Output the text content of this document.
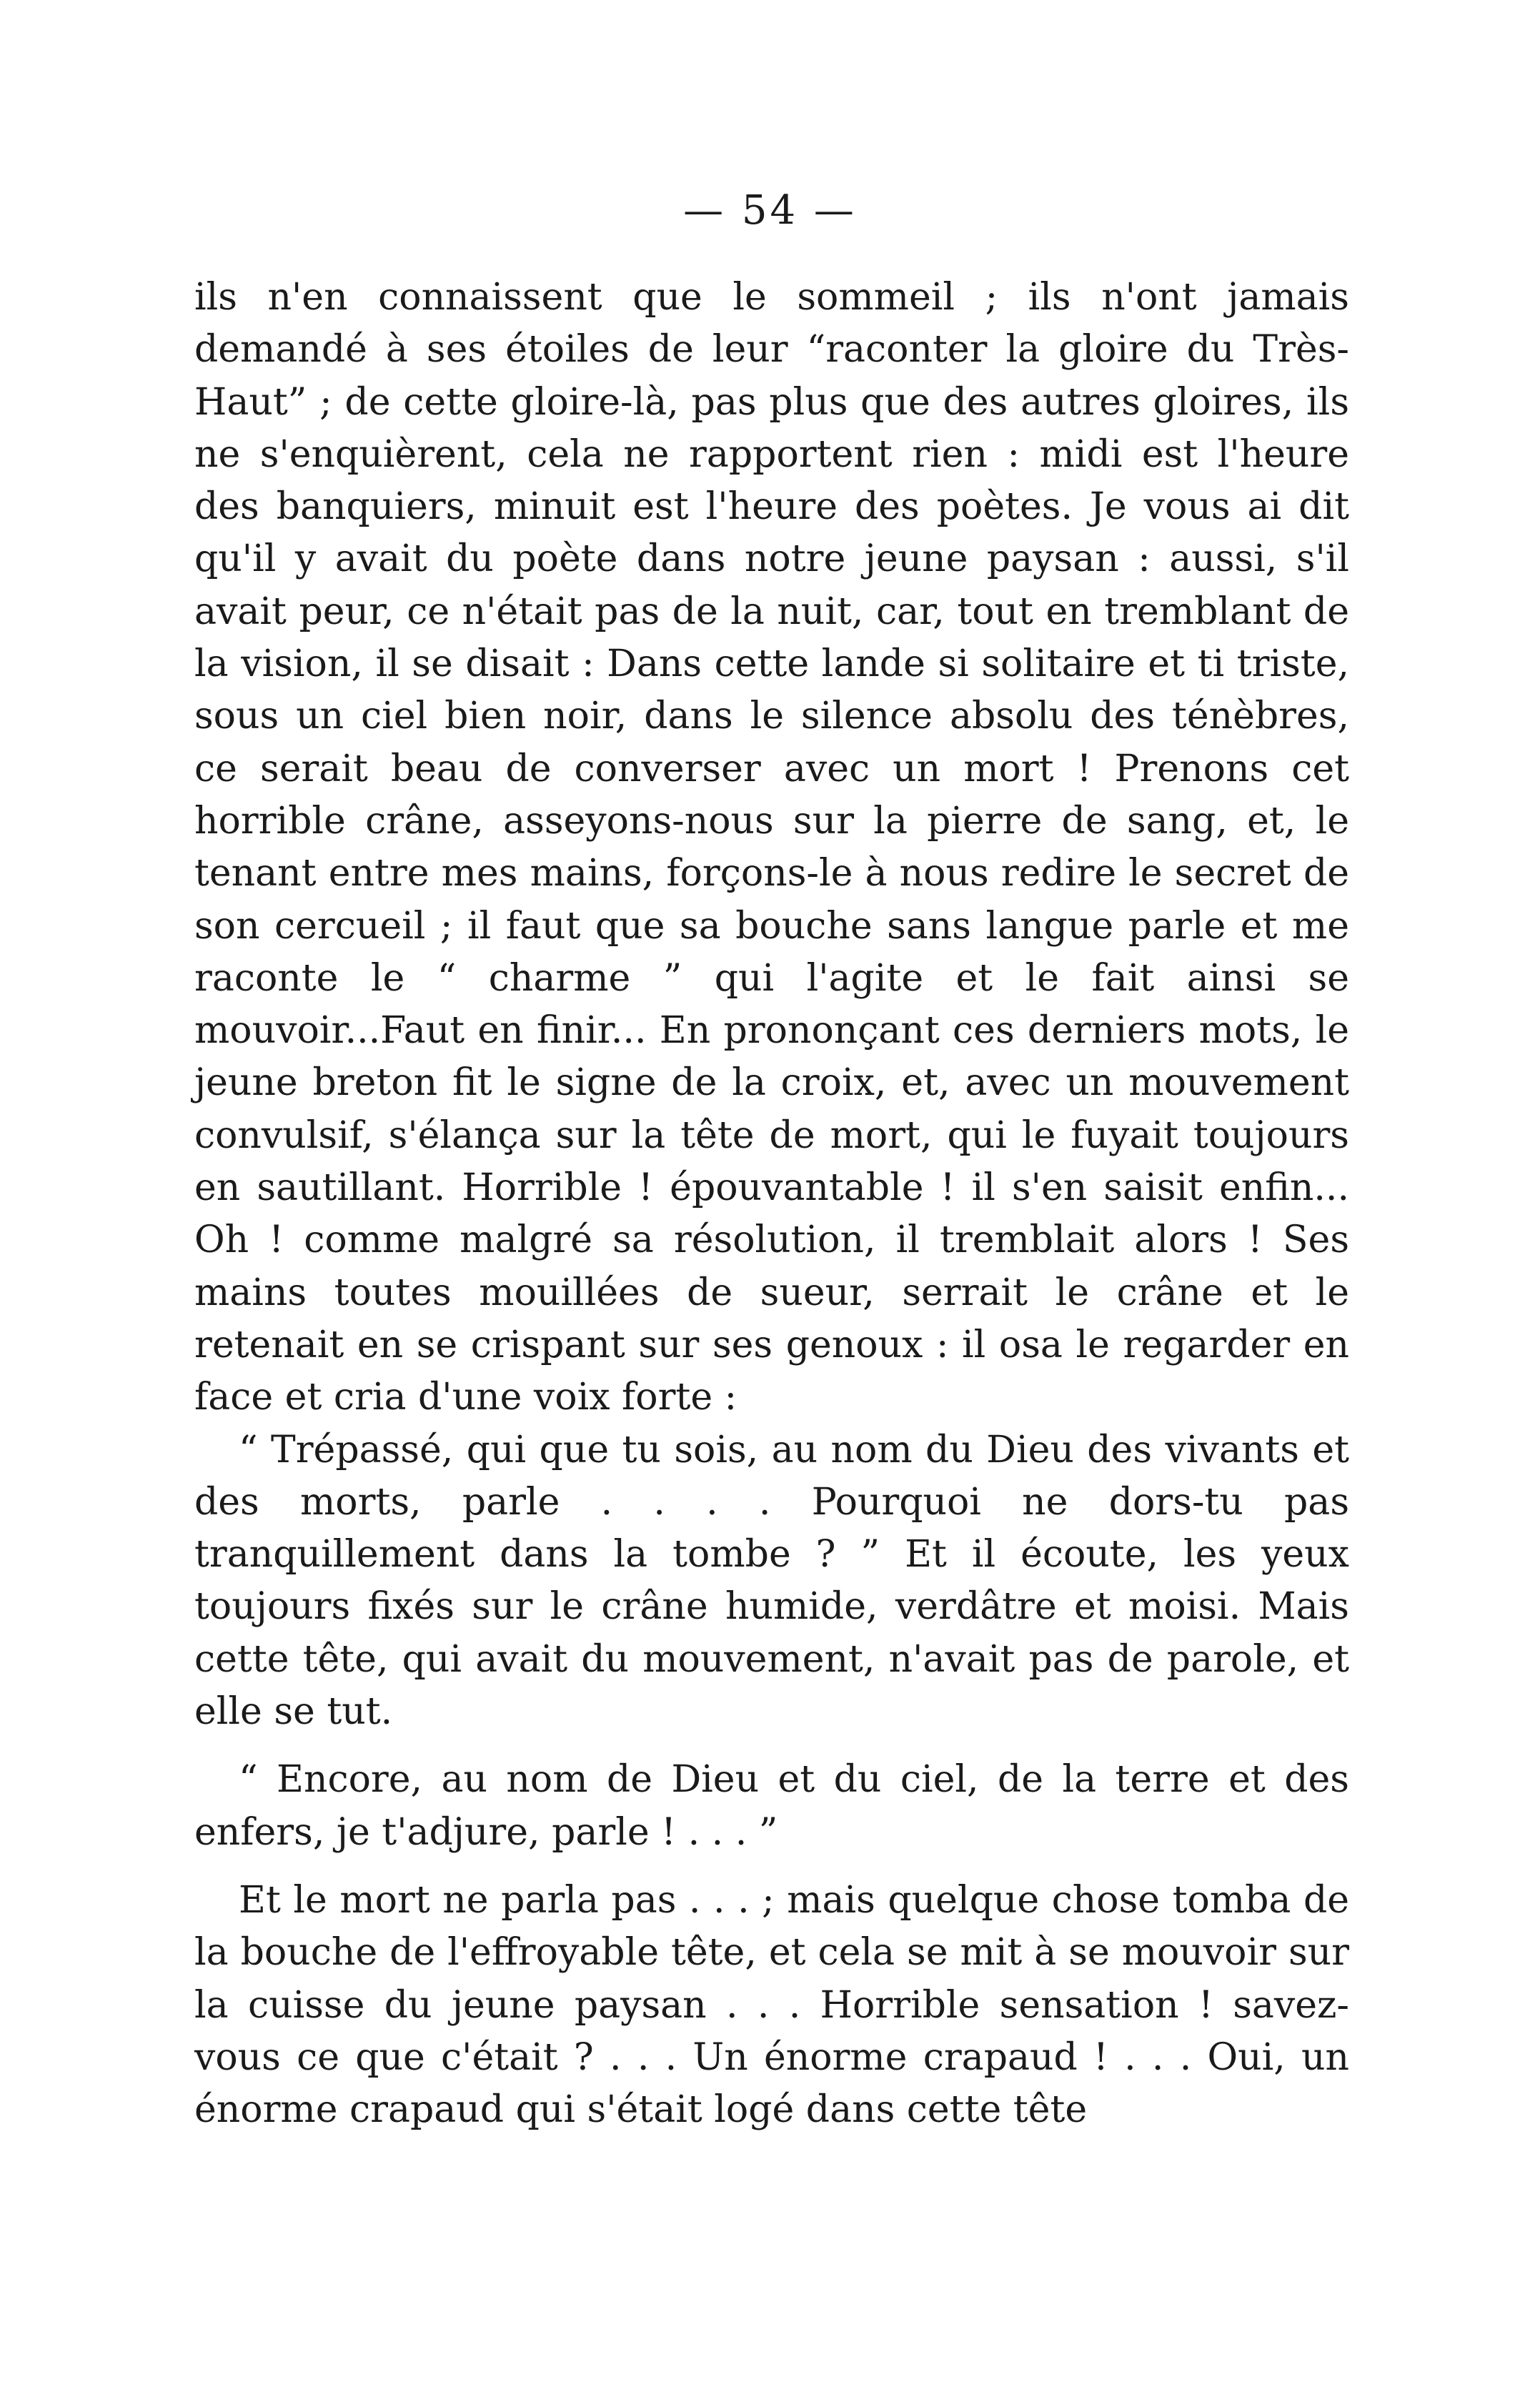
— 54 —

ils n'en connaissent que le sommeil ; ils n'ont jamais demandé à ses étoiles de leur “raconter la gloire du Très-Haut” ; de cette gloire-là, pas plus que des autres gloires, ils ne s'enquièrent, cela ne rapportent rien : midi est l'heure des banquiers, minuit est l'heure des poètes. Je vous ai dit qu'il y avait du poète dans notre jeune paysan : aussi, s'il avait peur, ce n'était pas de la nuit, car, tout en tremblant de la vision, il se disait : Dans cette lande si solitaire et ti triste, sous un ciel bien noir, dans le silence absolu des ténèbres, ce serait beau de converser avec un mort ! Prenons cet horrible crâne, asseyons-nous sur la pierre de sang, et, le tenant entre mes mains, forçons-le à nous redire le secret de son cercueil ; il faut que sa bouche sans langue parle et me raconte le “ charme ” qui l'agite et le fait ainsi se mouvoir...Faut en finir... En prononçant ces derniers mots, le jeune breton fit le signe de la croix, et, avec un mouvement convulsif, s'élança sur la tête de mort, qui le fuyait toujours en sautillant. Horrible ! épouvantable ! il s'en saisit enfin... Oh ! comme malgré sa résolution, il tremblait alors ! Ses mains toutes mouillées de sueur, serrait le crâne et le retenait en se crispant sur ses genoux : il osa le regarder en face et cria d'une voix forte :

“ Trépassé, qui que tu sois, au nom du Dieu des vivants et des morts, parle . . . . Pourquoi ne dors-tu pas tranquillement dans la tombe ? ” Et il écoute, les yeux toujours fixés sur le crâne humide, verdâtre et moisi. Mais cette tête, qui avait du mouvement, n'avait pas de parole, et elle se tut.

“ Encore, au nom de Dieu et du ciel, de la terre et des enfers, je t'adjure, parle ! . . . ”

Et le mort ne parla pas . . . ; mais quelque chose tomba de la bouche de l'effroyable tête, et cela se mit à se mouvoir sur la cuisse du jeune paysan . . . Horrible sensation ! savez-vous ce que c'était ? . . . Un énorme crapaud ! . . . Oui, un énorme crapaud qui s'était logé dans cette tête
